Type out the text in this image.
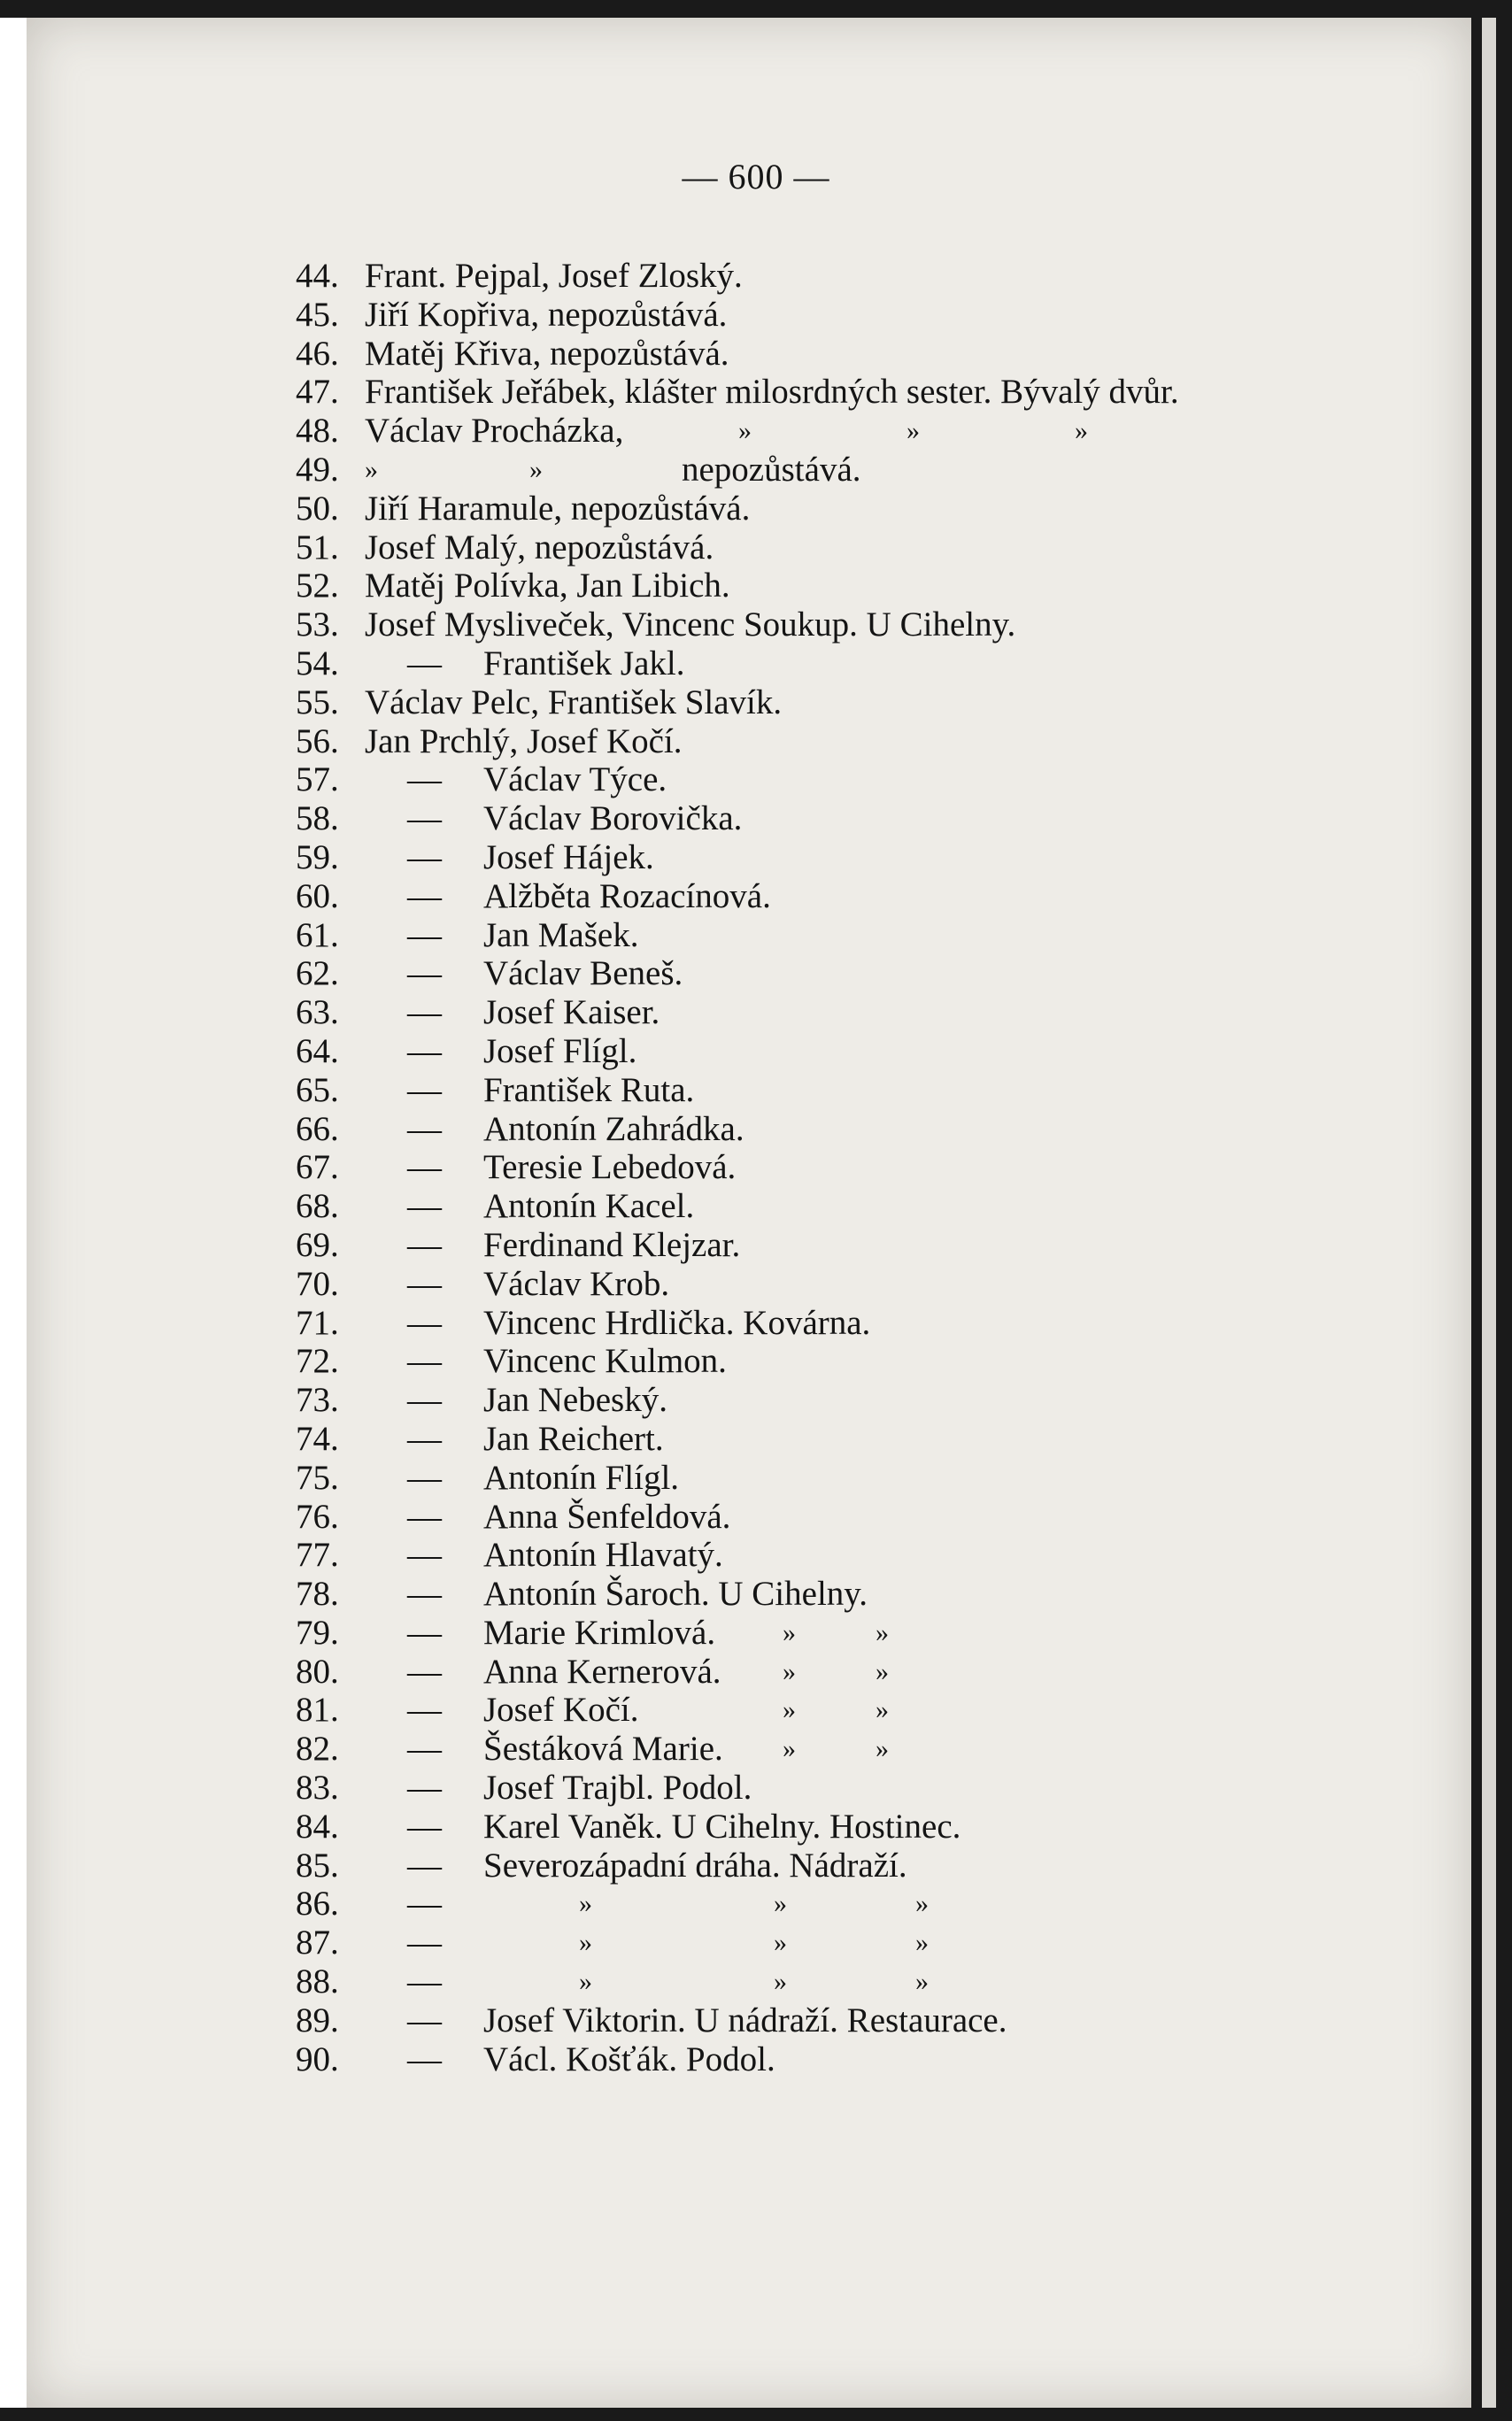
— 600 —
44. Frant. Pejpal, Josef Zloský.
45. Jiří Kopřiva, nepozůstává.
46. Matěj Křiva, nepozůstává.
47. František Jeřábek, klášter milosrdných sester. Bývalý dvůr.
48. Václav Procházka,	»	»	»
49. »	»	nepozůstává.
50. Jiří Haramule, nepozůstává.
51. Josef Malý, nepozůstává.
52. Matěj Polívka, Jan Libich.
53. Josef Mysliveček, Vincenc Soukup. U Cihelny.
54.	— František Jakl.
55. Václav Pelc, František Slavík.
56. Jan Prchlý, Josef Kočí.
57.	— Václav Týce.
58.	— Václav Borovička.
59.	— Josef Hájek.
60.	— Alžběta Rozacínová.
61.	— Jan Mašek.
62.	— Václav Beneš.
63.	— Josef Kaiser.
64.	— Josef Flígl.
65.	— František Ruta.
66.	— Antonín Zahrádka.
67.	— Teresie Lebedová.
68.	— Antonín Kacel.
69.	— Ferdinand Klejzar.
70.	— Václav Krob.
71.	— Vincenc Hrdlička. Kovárna.
72.	— Vincenc Kulmon.
73.	— Jan Nebeský.
74.	— Jan Reichert.
75.	— Antonín Flígl.
76.	— Anna Šenfeldová.
77.	— Antonín Hlavatý.
78.	— Antonín Šaroch. U Cihelny.
79.	— Marie Krimlová.	»	»
80.	— Anna Kernerová. »	»
81.	— Josef Kočí.	»	»
82.	— Šestáková Marie. »	»
83.	— Josef Trajbl. Podol.
84.	— Karel Vaněk. U Cihelny. Hostinec.
85.	— Severozápadní dráha. Nádraží.
86.	—	»	»	»
87.	—	»	»	»
88.	—	»	»	»
89.	— Josef Viktorin. U nádraží. Restaurace.
90.	— Václ. Košťák. Podol.
